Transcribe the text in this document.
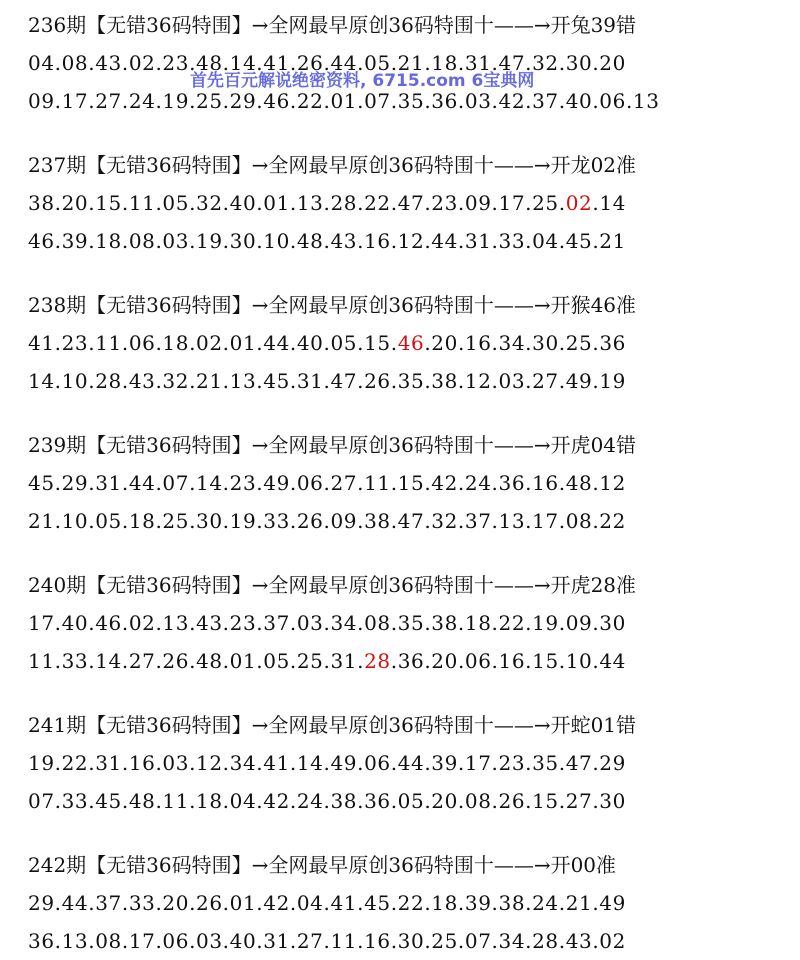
236期【无错36码特围】→全网最早原创36码特围十——→开兔39错
04.08.43.02.23.48.14.41.26.44.05.21.18.31.47.32.30.20
09.17.27.24.19.25.29.46.22.01.07.35.36.03.42.37.40.06.13
237期【无错36码特围】→全网最早原创36码特围十——→开龙02准
38.20.15.11.05.32.40.01.13.28.22.47.23.09.17.25.02.14
46.39.18.08.03.19.30.10.48.43.16.12.44.31.33.04.45.21
238期【无错36码特围】→全网最早原创36码特围十——→开猴46准
41.23.11.06.18.02.01.44.40.05.15.46.20.16.34.30.25.36
14.10.28.43.32.21.13.45.31.47.26.35.38.12.03.27.49.19
239期【无错36码特围】→全网最早原创36码特围十——→开虎04错
45.29.31.44.07.14.23.49.06.27.11.15.42.24.36.16.48.12
21.10.05.18.25.30.19.33.26.09.38.47.32.37.13.17.08.22
240期【无错36码特围】→全网最早原创36码特围十——→开虎28准
17.40.46.02.13.43.23.37.03.34.08.35.38.18.22.19.09.30
11.33.14.27.26.48.01.05.25.31.28.36.20.06.16.15.10.44
241期【无错36码特围】→全网最早原创36码特围十——→开蛇01错
19.22.31.16.03.12.34.41.14.49.06.44.39.17.23.35.47.29
07.33.45.48.11.18.04.42.24.38.36.05.20.08.26.15.27.30
242期【无错36码特围】→全网最早原创36码特围十——→开00准
29.44.37.33.20.26.01.42.04.41.45.22.18.39.38.24.21.49
36.13.08.17.06.03.40.31.27.11.16.30.25.07.34.28.43.02
首先百元解说绝密资料, 6715.com 6宝典网
